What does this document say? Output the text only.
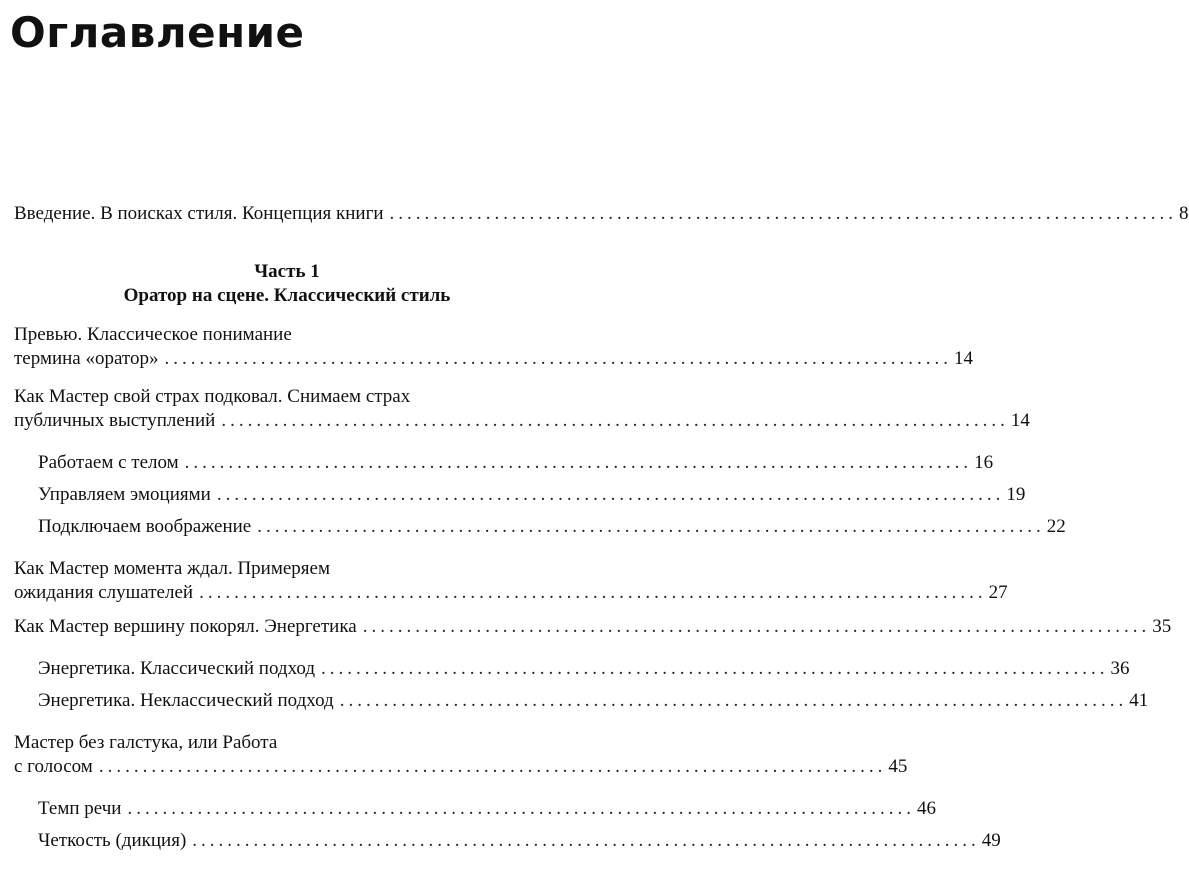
Оглавление
Введение. В поисках стиля. Концепция книги .......................................................................................... 8

Часть 1

Оратор на сцене. Классический стиль

Превью. Классическое понимание
термина «оратор» .......................................................................................... 14
Как Мастер свой страх подковал. Снимаем страх
публичных выступлений .......................................................................................... 14
Работаем с телом .......................................................................................... 16
Управляем эмоциями .......................................................................................... 19
Подключаем воображение .......................................................................................... 22
Как Мастер момента ждал. Примеряем
ожидания слушателей .......................................................................................... 27
Как Мастер вершину покорял. Энергетика .......................................................................................... 35
Энергетика. Классический подход .......................................................................................... 36
Энергетика. Неклассический подход .......................................................................................... 41
Мастер без галстука, или Работа
с голосом .......................................................................................... 45
Темп речи .......................................................................................... 46
Четкость (дикция) .......................................................................................... 49
